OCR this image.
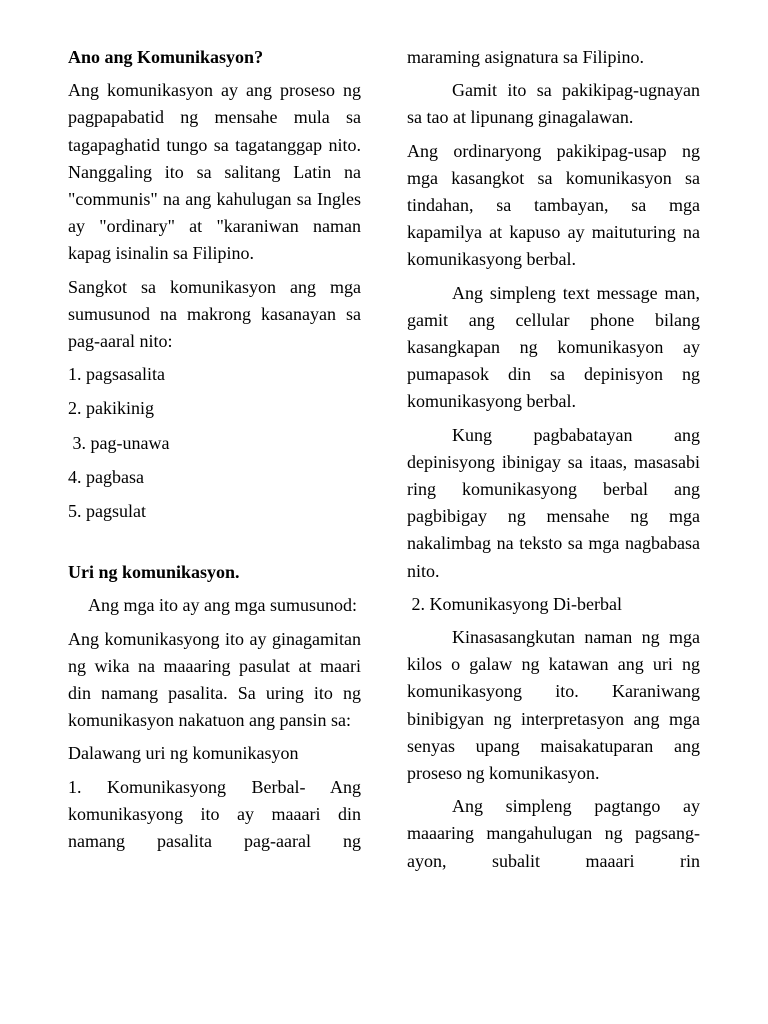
Ano ang Komunikasyon?

Ang komunikasyon ay ang proseso ng pagpapabatid ng mensahe mula sa tagapaghatid tungo sa tagatanggap nito. Nanggaling ito sa salitang Latin na "communis" na ang kahulugan sa Ingles ay "ordinary" at "karaniwan naman kapag isinalin sa Filipino.

Sangkot sa komunikasyon ang mga sumusunod na makrong kasanayan sa pag-aaral nito:

1. pagsasalita

2. pakikinig

3. pag-unawa

4. pagbasa

5. pagsulat

Uri ng komunikasyon.

Ang mga ito ay ang mga sumusunod:

Ang komunikasyong ito ay ginagamitan ng wika na maaaring pasulat at maari din namang pasalita. Sa uring ito ng komunikasyon nakatuon ang pansin sa:

Dalawang uri ng komunikasyon

1. Komunikasyong Berbal- Ang komunikasyong ito ay maaari din namang pasalita pag-aaral ng

maraming asignatura sa Filipino.

Gamit ito sa pakikipag-ugnayan sa tao at lipunang ginagalawan.

Ang ordinaryong pakikipag-usap ng mga kasangkot sa komunikasyon sa tindahan, sa tambayan, sa mga kapamilya at kapuso ay maituturing na komunikasyong berbal.

Ang simpleng text message man, gamit ang cellular phone bilang kasangkapan ng komunikasyon ay pumapasok din sa depinisyon ng komunikasyong berbal.

Kung pagbabatayan ang depinisyong ibinigay sa itaas, masasabi ring komunikasyong berbal ang pagbibigay ng mensahe ng mga nakalimbag na teksto sa mga nagbabasa nito.

2. Komunikasyong Di-berbal

Kinasasangkutan naman ng mga kilos o galaw ng katawan ang uri ng komunikasyong ito. Karaniwang binibigyan ng interpretasyon ang mga senyas upang maisakatuparan ang proseso ng komunikasyon.

Ang simpleng pagtango ay maaaring mangahulugan ng pagsang-ayon, subalit maaari rin
